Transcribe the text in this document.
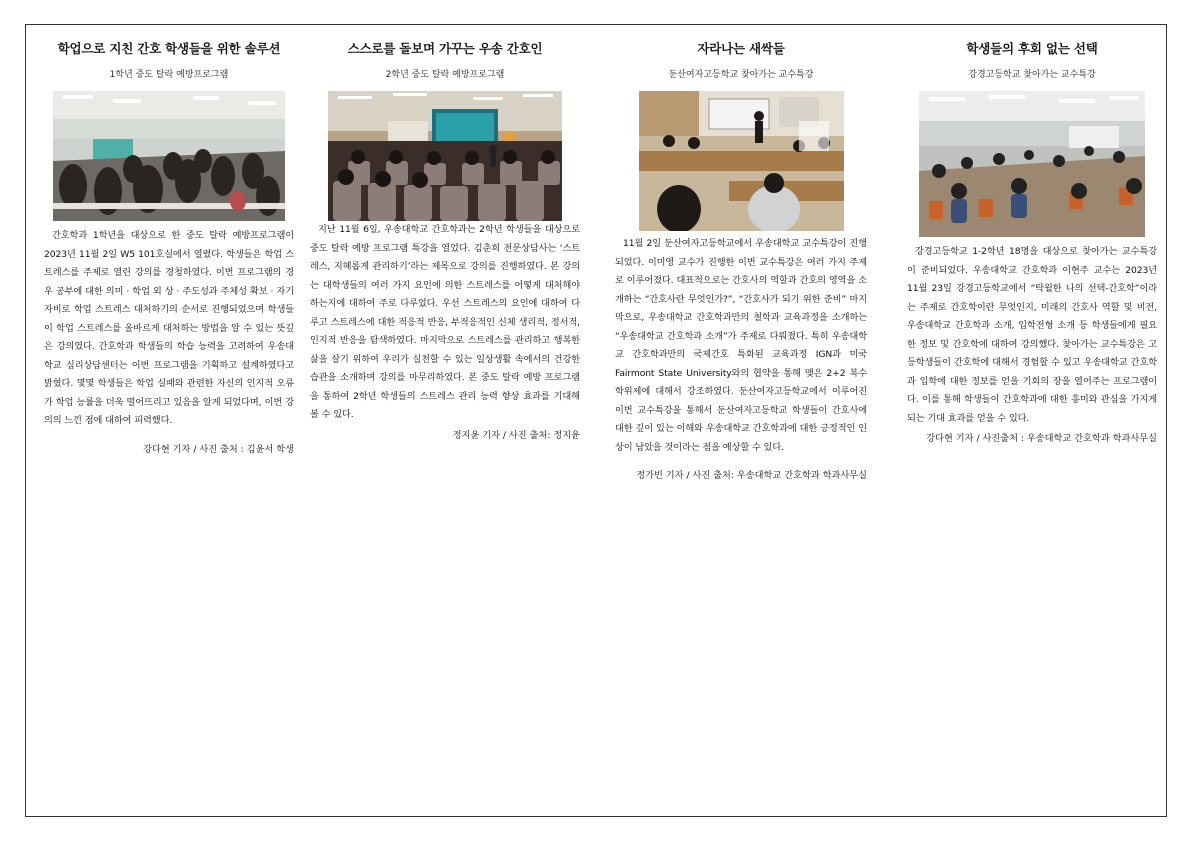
학업으로 지친 간호 학생들을 위한 솔루션
1학년 중도 탈락 예방프로그램
간호학과 1학년을 대상으로 한 중도 탈락 예방프로그램이 2023년 11월 2일 W5 101호실에서 열렸다. 학생들은 학업 스트레스를 주제로 열린 강의를 경청하였다. 이번 프로그램의 경우 공부에 대한 의미 · 학업 외 상 · 주도성과 주체성 확보 · 자기 자비로 학업 스트레스 대처하기의 순서로 진행되었으며 학생들이 학업 스트레스를 올바르게 대처하는 방법을 알 수 있는 뜻깊은 강의였다. 간호학과 학생들의 학습 능력을 고려하여 우송대학교 심리상담센터는 이번 프로그램을 기획하고 설계하였다고 밝혔다. 몇몇 학생들은 학업 실패와 관련한 자신의 인지적 오류가 학업 능률을 더욱 떨어뜨리고 있음을 알게 되었다며, 이번 강의의 느낀 점에 대하여 피력했다.
강다현 기자 / 사진 출처 : 김윤서 학생
스스로를 돌보며 가꾸는 우송 간호인
2학년 중도 탈락 예방프로그램
지난 11월 6일, 우송대학교 간호학과는 2학년 학생들을 대상으로 중도 탈락 예방 프로그램 특강을 열었다. 김춘희 전문상담사는 ‘스트레스, 지혜롭게 관리하기’라는 제목으로 강의를 진행하였다. 본 강의는 대학생들의 여러 가지 요인에 의한 스트레스를 어떻게 대처해야 하는지에 대하여 주로 다루었다. 우선 스트레스의 요인에 대하여 다루고 스트레스에 대한 적응적 반응, 부적응적인 신체 생리적, 정서적, 인지적 반응을 탐색하였다. 마지막으로 스트레스를 관리하고 행복한 삶을 살기 위하여 우리가 실천할 수 있는 일상생활 속에서의 건강한 습관을 소개하며 강의를 마무리하였다. 본 중도 탈락 예방 프로그램을 통하여 2학년 학생들의 스트레스 관리 능력 향상 효과를 기대해 볼 수 있다.
정지윤 기자 / 사진 출처: 정지윤
자라나는 새싹들
둔산여자고등학교 찾아가는 교수특강
11월 2일 둔산여자고등학교에서 우송대학교 교수특강이 진행되었다. 이미영 교수가 진행한 이번 교수특강은 여러 가지 주제로 이루어졌다. 대표적으로는 간호사의 역할과 간호의 영역을 소개하는 “간호사란 무엇인가?”, “간호사가 되기 위한 준비” 마지막으로, 우송대학교 간호학과만의 철학과 교육과정을 소개하는 “우송대학교 간호학과 소개”가 주제로 다뤄졌다. 특히 우송대학교 간호학과만의 국제간호 특화된 교육과정 IGN과 미국 Fairmont State University와의 협약을 통해 맺은 2+2 복수 학위제에 대해서 강조하였다. 둔산여자고등학교에서 이루어진 이번 교수특강을 통해서 둔산여자고등학교 학생들이 간호사에 대한 깊이 있는 이해와 우송대학교 간호학과에 대한 긍정적인 인상이 남았을 것이라는 점을 예상할 수 있다.
정가빈 기자 / 사진 출처: 우송대학교 간호학과 학과사무실
학생들의 후회 없는 선택
강경고등학교 찾아가는 교수특강
강경고등학교 1-2학년 18명을 대상으로 찾아가는 교수특강이 준비되었다. 우송대학교 간호학과 이현주 교수는 2023년 11월 23일 강경고등학교에서 “탁월한 나의 선택-간호학”이라는 주제로 간호학이란 무엇인지, 미래의 간호사 역할 및 비전, 우송대학교 간호학과 소개, 입학전형 소개 등 학생들에게 필요한 정보 및 간호학에 대하여 강의했다. 찾아가는 교수특강은 고등학생들이 간호학에 대해서 경험할 수 있고 우송대학교 간호학과 입학에 대한 정보를 얻을 기회의 장을 열어주는 프로그램이다. 이를 통해 학생들이 간호학과에 대한 흥미와 관심을 가지게 되는 기대 효과를 얻을 수 있다.
강다현 기자 / 사진출처 : 우송대학교 간호학과 학과사무실
